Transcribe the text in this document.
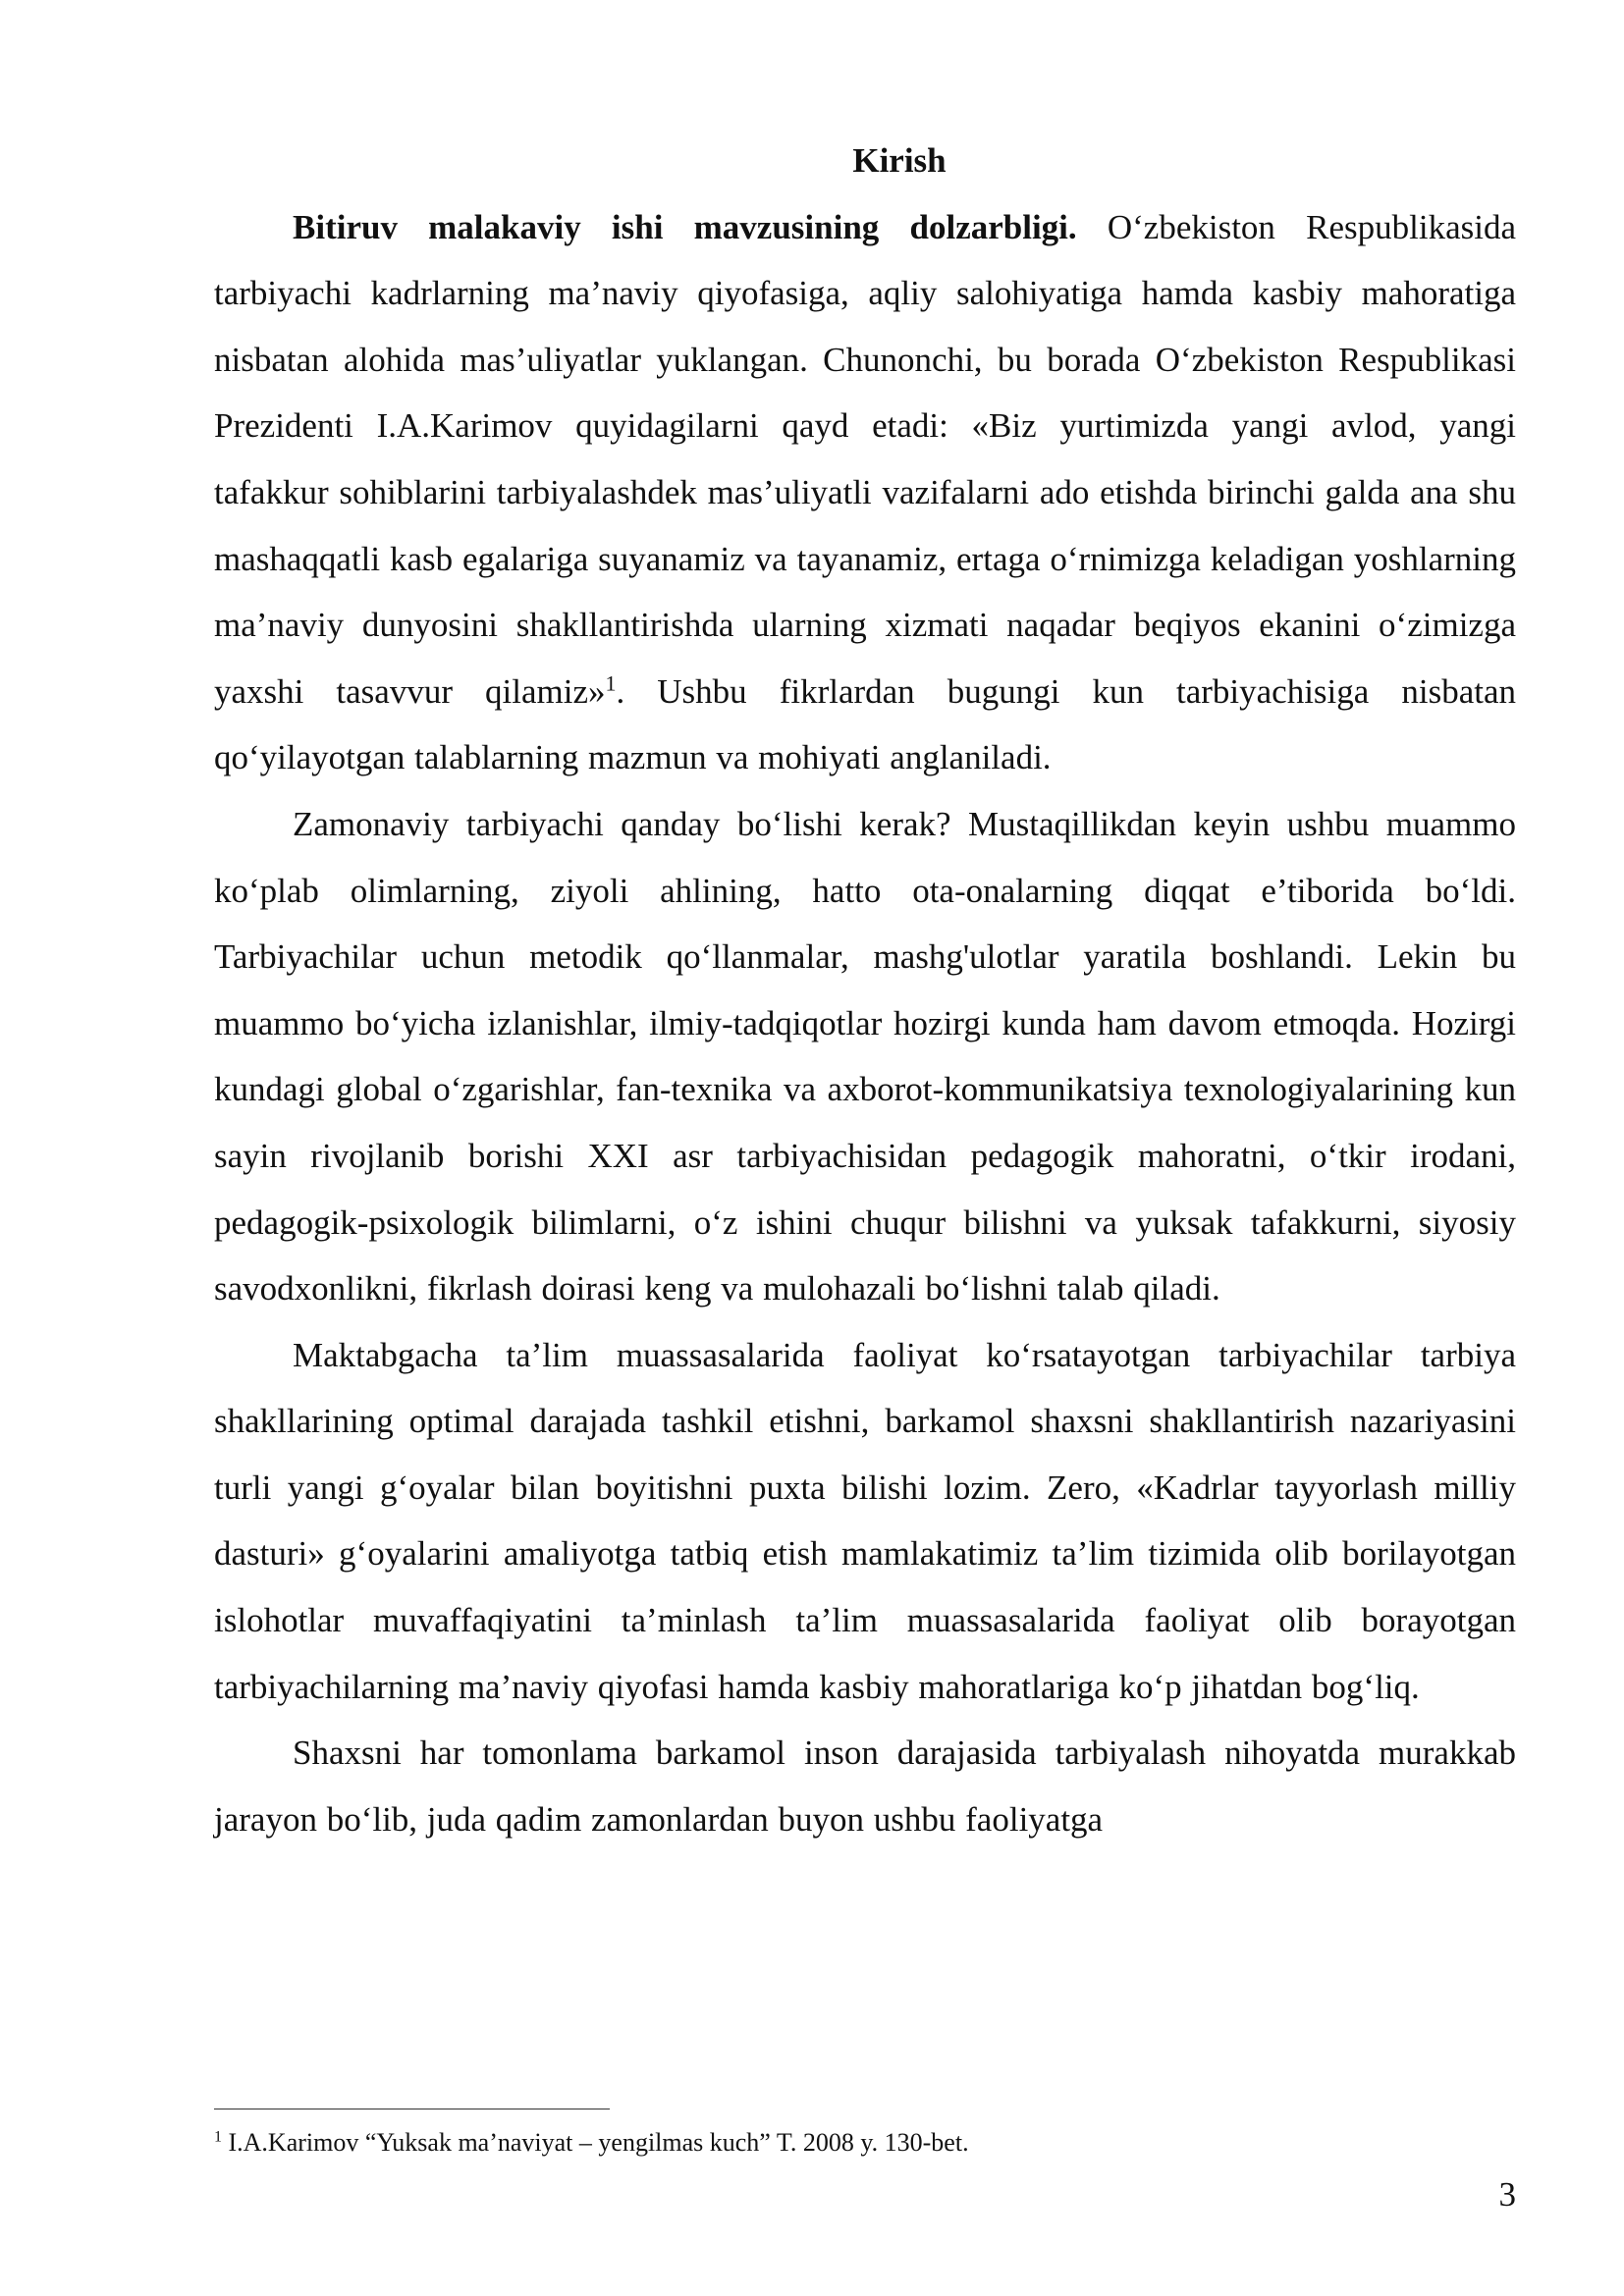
Kirish

Bitiruv malakaviy ishi mavzusining dolzarbligi. O‘zbekiston Respublikasida tarbiyachi kadrlarning ma’naviy qiyofasiga, aqliy salohiyatiga hamda kasbiy mahoratiga nisbatan alohida mas’uliyatlar yuklangan. Chunonchi, bu borada O‘zbekiston Respublikasi Prezidenti I.A.Karimov quyidagilarni qayd etadi: «Biz yurtimizda yangi avlod, yangi tafakkur sohiblarini tarbiyalashdek mas’uliyatli vazifalarni ado etishda birinchi galda ana shu mashaqqatli kasb egalariga suyanamiz va tayanamiz, ertaga o‘rnimizga keladigan yoshlarning ma’naviy dunyosini shakllantirishda ularning xizmati naqadar beqiyos ekanini o‘zimizga yaxshi tasavvur qilamiz»$^1$. Ushbu fikrlardan bugungi kun tarbiyachisiga nisbatan qo‘yilayotgan talablarning mazmun va mohiyati anglaniladi.

Zamonaviy tarbiyachi qanday bo‘lishi kerak? Mustaqillikdan keyin ushbu muammo ko‘plab olimlarning, ziyoli ahlining, hatto ota-onalarning diqqat e’tiborida bo‘ldi. Tarbiyachilar uchun metodik qo‘llanmalar, mashg'ulotlar yaratila boshlandi. Lekin bu muammo bo‘yicha izlanishlar, ilmiy-tadqiqotlar hozirgi kunda ham davom etmoqda. Hozirgi kundagi global o‘zgarishlar, fan-texnika va axborot-kommunikatsiya texnologiyalarining kun sayin rivojlanib borishi XXI asr tarbiyachisidan pedagogik mahoratni, o‘tkir irodani, pedagogik-psixologik bilimlarni, o‘z ishini chuqur bilishni va yuksak tafakkurni, siyosiy savodxonlikni, fikrlash doirasi keng va mulohazali bo‘lishni talab qiladi.

Maktabgacha ta’lim muassasalarida faoliyat ko‘rsatayotgan tarbiyachilar tarbiya shakllarining optimal darajada tashkil etishni, barkamol shaxsni shakllantirish nazariyasini turli yangi g‘oyalar bilan boyitishni puxta bilishi lozim. Zero, «Kadrlar tayyorlash milliy dasturi» g‘oyalarini amaliyotga tatbiq etish mamlakatimiz ta’lim tizimida olib borilayotgan islohotlar muvaffaqiyatini ta’minlash ta’lim muassasalarida faoliyat olib borayotgan tarbiyachilarning ma’naviy qiyofasi hamda kasbiy mahoratlariga ko‘p jihatdan bog‘liq.

Shaxsni har tomonlama barkamol inson darajasida tarbiyalash nihoyatda murakkab jarayon bo‘lib, juda qadim zamonlardan buyon ushbu faoliyatga

$^1$ I.A.Karimov “Yuksak ma’naviyat – yengilmas kuch” T. 2008 y. 130-bet.
3
